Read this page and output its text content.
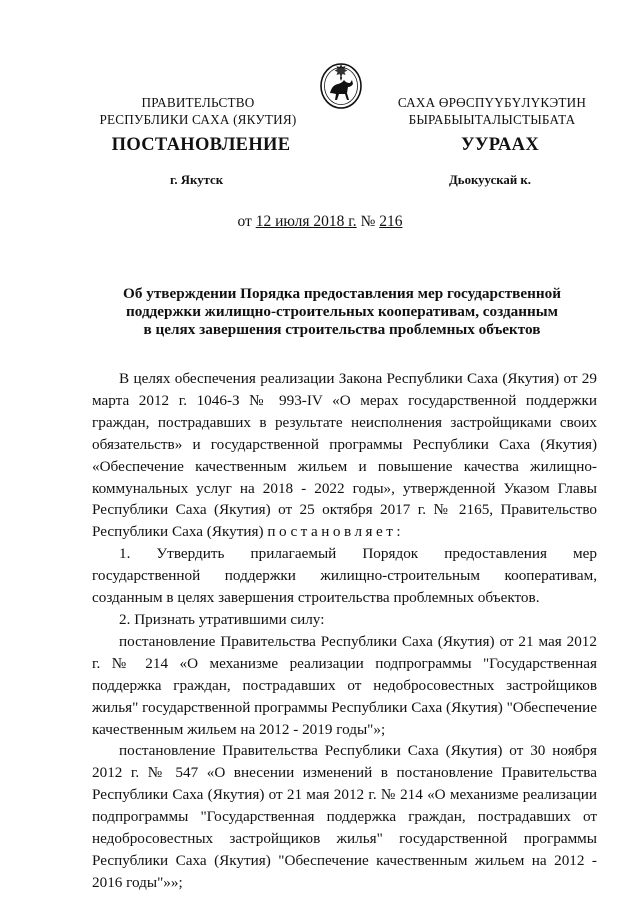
ПРАВИТЕЛЬСТВО
РЕСПУБЛИКИ САХА (ЯКУТИЯ)
САХА ӨРӨСПҮҮБҮЛҮКЭТИН
БЫРАБЫЫТАЛЫСТЫБАТА
ПОСТАНОВЛЕНИЕ	УУРААХ
г. Якутск	Дьокуускай к.
от 12 июля 2018 г. № 216
Об утверждении Порядка предоставления мер государственной
поддержки жилищно-строительных кооперативам, созданным
в целях завершения строительства проблемных объектов

В целях обеспечения реализации Закона Республики Саха (Якутия) от 29 марта 2012 г. 1046-З № 993-IV «О мерах государственной поддержки граждан, пострадавших в результате неисполнения застройщиками своих обязательств» и государственной программы Республики Саха (Якутия) «Обеспечение качественным жильем и повышение качества жилищно-коммунальных услуг на 2018 - 2022 годы», утвержденной Указом Главы Республики Саха (Якутия) от 25 октября 2017 г. № 2165, Правительство Республики Саха (Якутия) постановляет:

1. Утвердить прилагаемый Порядок предоставления мер государственной поддержки жилищно-строительным кооперативам, созданным в целях завершения строительства проблемных объектов.

2. Признать утратившими силу:

постановление Правительства Республики Саха (Якутия) от 21 мая 2012 г. № 214 «О механизме реализации подпрограммы "Государственная поддержка граждан, пострадавших от недобросовестных застройщиков жилья" государственной программы Республики Саха (Якутия) "Обеспечение качественным жильем на 2012 - 2019 годы"»;

постановление Правительства Республики Саха (Якутия) от 30 ноября 2012 г. № 547 «О внесении изменений в постановление Правительства Республики Саха (Якутия) от 21 мая 2012 г. № 214 «О механизме реализации подпрограммы "Государственная поддержка граждан, пострадавших от недобросовестных застройщиков жилья" государственной программы Республики Саха (Якутия) "Обеспечение качественным жильем на 2012 - 2016 годы"»»;
